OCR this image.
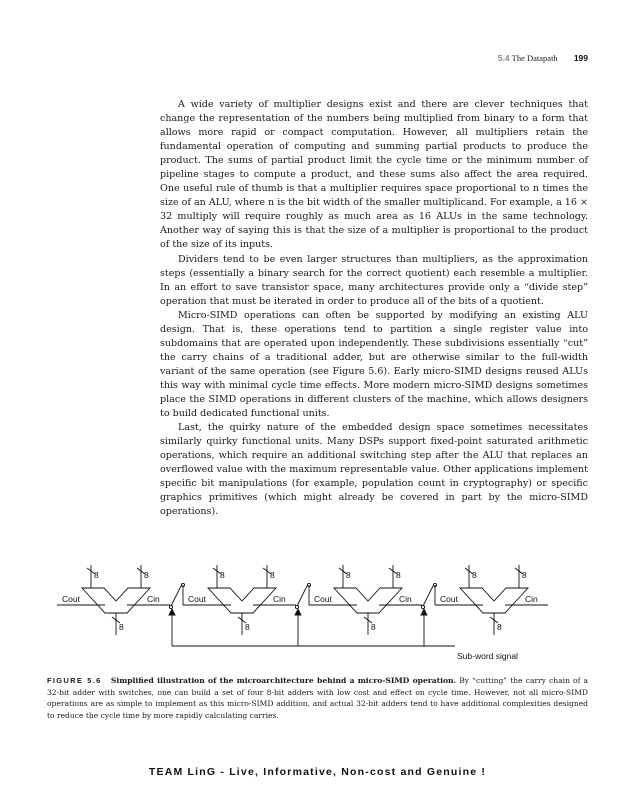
5.4 The Datapath 199

A wide variety of multiplier designs exist and there are clever techniques that change the representation of the numbers being multiplied from binary to a form that allows more rapid or compact computation. However, all multipliers retain the fundamental operation of computing and summing partial products to produce the product. The sums of partial product limit the cycle time or the minimum number of pipeline stages to compute a product, and these sums also affect the area required. One useful rule of thumb is that a multiplier requires space proportional to n times the size of an ALU, where n is the bit width of the smaller multiplicand. For example, a 16 × 32 multiply will require roughly as much area as 16 ALUs in the same technology. Another way of saying this is that the size of a multiplier is proportional to the product of the size of its inputs.

Dividers tend to be even larger structures than multipliers, as the approximation steps (essentially a binary search for the correct quotient) each resemble a multiplier. In an effort to save transistor space, many architectures provide only a “divide step” operation that must be iterated in order to produce all of the bits of a quotient.

Micro-SIMD operations can often be supported by modifying an existing ALU design. That is, these operations tend to partition a single register value into subdomains that are operated upon independently. These subdivisions essentially “cut” the carry chains of a traditional adder, but are otherwise similar to the full-width variant of the same operation (see Figure 5.6). Early micro-SIMD designs reused ALUs this way with minimal cycle time effects. More modern micro-SIMD designs sometimes place the SIMD operations in different clusters of the machine, which allows designers to build dedicated functional units.

Last, the quirky nature of the embedded design space sometimes necessitates similarly quirky functional units. Many DSPs support fixed-point saturated arithmetic operations, which require an additional switching step after the ALU that replaces an overflowed value with the maximum representable value. Other applications implement specific bit manipulations (for example, population count in cryptography) or specific graphics primitives (which might already be covered in part by the micro-SIMD operations).

8	8
8
Cout	Cin
8	8
8
Cout	Cin
8	8
8
Cout	Cin
8	8
8
Cout	Cin
Sub-word signal
FIGURE 5.6 Simplified illustration of the microarchitecture behind a micro-SIMD operation. By “cutting” the carry chain of a 32-bit adder with switches, one can build a set of four 8-bit adders with low cost and effect on cycle time. However, not all micro-SIMD operations are as simple to implement as this micro-SIMD addition, and actual 32-bit adders tend to have additional complexities designed to reduce the cycle time by more rapidly calculating carries.
TEAM LinG - Live, Informative, Non-cost and Genuine !
